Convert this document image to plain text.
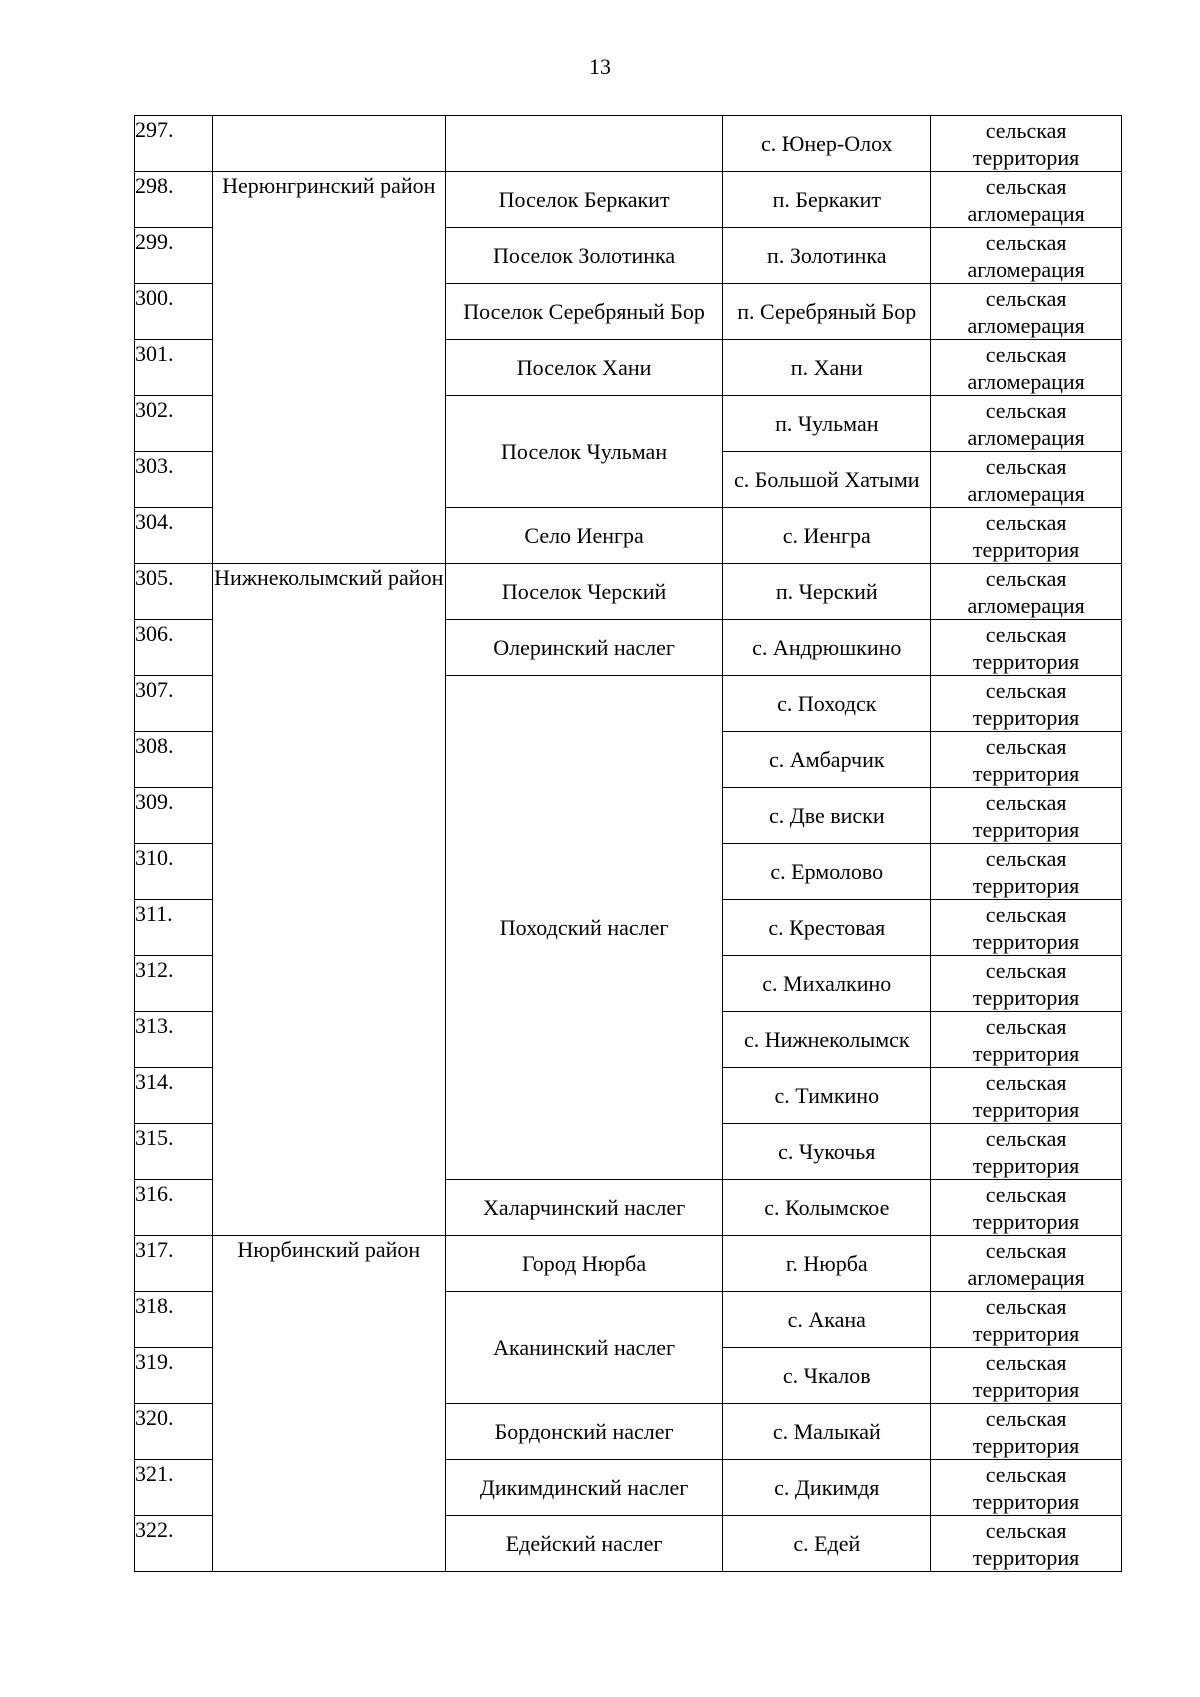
13
297.			с. Юнер-Олох	сельская территория
298.	Нерюнгринский район	Поселок Беркакит	п. Беркакит	сельская агломерация
299.		Поселок Золотинка	п. Золотинка	сельская агломерация
300.		Поселок Серебряный Бор	п. Серебряный Бор	сельская агломерация
301.		Поселок Хани	п. Хани	сельская агломерация
302.		Поселок Чульман	п. Чульман	сельская агломерация
303.			с. Большой Хатыми	сельская агломерация
304.		Село Иенгра	с. Иенгра	сельская территория
305.	Нижнеколымский район	Поселок Черский	п. Черский	сельская агломерация
306.		Олеринский наслег	с. Андрюшкино	сельская территория
307.		Походский наслег	с. Походск	сельская территория
308.			с. Амбарчик	сельская территория
309.			с. Две виски	сельская территория
310.			с. Ермолово	сельская территория
311.			с. Крестовая	сельская территория
312.			с. Михалкино	сельская территория
313.			с. Нижнеколымск	сельская территория
314.			с. Тимкино	сельская территория
315.			с. Чукочья	сельская территория
316.		Халарчинский наслег	с. Колымское	сельская территория
317.	Нюрбинский район	Город Нюрба	г. Нюрба	сельская агломерация
318.		Аканинский наслег	с. Акана	сельская территория
319.			с. Чкалов	сельская территория
320.		Бордонский наслег	с. Малыкай	сельская территория
321.		Дикимдинский наслег	с. Дикимдя	сельская территория
322.		Едейский наслег	с. Едей	сельская территория
